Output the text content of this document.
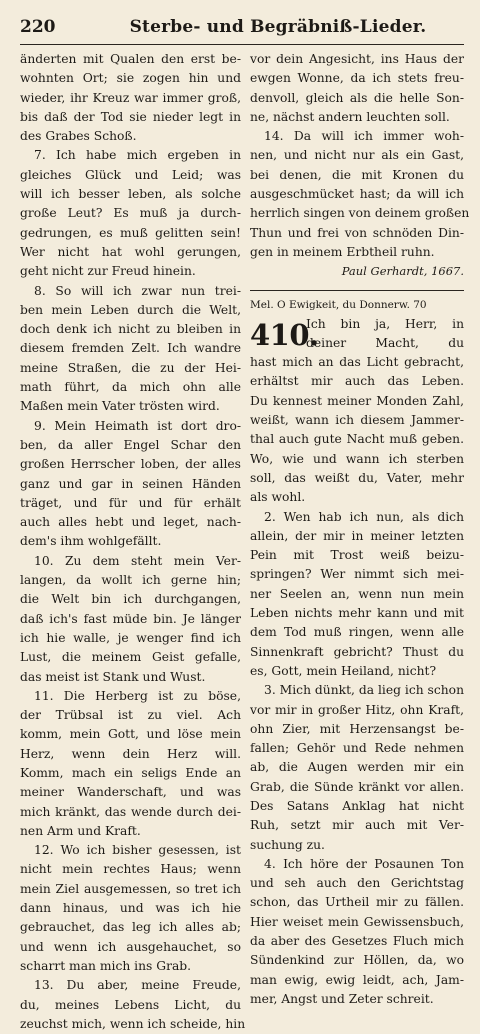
220	Sterbe- und Begräbniß-Lieder.
änderten mit Qualen den erst be-
wohnten Ort; sie zogen hin und
wieder, ihr Kreuz war immer groß,
bis daß der Tod sie nieder legt in
des Grabes Schoß.
7. Ich habe mich ergeben in
gleiches Glück und Leid; was
will ich besser leben, als solche
große Leut? Es muß ja durch-
gedrungen, es muß gelitten sein!
Wer nicht hat wohl gerungen,
geht nicht zur Freud hinein.
8. So will ich zwar nun trei-
ben mein Leben durch die Welt,
doch denk ich nicht zu bleiben in
diesem fremden Zelt. Ich wandre
meine Straßen, die zu der Hei-
math führt, da mich ohn alle
Maßen mein Vater trösten wird.
9. Mein Heimath ist dort dro-
ben, da aller Engel Schar den
großen Herrscher loben, der alles
ganz und gar in seinen Händen
träget, und für und für erhält
auch alles hebt und leget, nach-
dem's ihm wohlgefällt.
10. Zu dem steht mein Ver-
langen, da wollt ich gerne hin;
die Welt bin ich durchgangen,
daß ich's fast müde bin. Je länger
ich hie walle, je wenger find ich
Lust, die meinem Geist gefalle,
das meist ist Stank und Wust.
11. Die Herberg ist zu böse,
der Trübsal ist zu viel. Ach
komm, mein Gott, und löse mein
Herz, wenn dein Herz will.
Komm, mach ein seligs Ende an
meiner Wanderschaft, und was
mich kränkt, das wende durch dei-
nen Arm und Kraft.
12. Wo ich bisher gesessen, ist
nicht mein rechtes Haus; wenn
mein Ziel ausgemessen, so tret ich
dann hinaus, und was ich hie
gebrauchet, das leg ich alles ab;
und wenn ich ausgehauchet, so
scharrt man mich ins Grab.
13. Du aber, meine Freude,
du, meines Lebens Licht, du
zeuchst mich, wenn ich scheide, hin
vor dein Angesicht, ins Haus der
ewgen Wonne, da ich stets freu-
denvoll, gleich als die helle Son-
ne, nächst andern leuchten soll.
14. Da will ich immer woh-
nen, und nicht nur als ein Gast,
bei denen, die mit Kronen du
ausgeschmücket hast; da will ich
herrlich singen von deinem großen
Thun und frei von schnöden Din-
gen in meinem Erbtheil ruhn.
Paul Gerhardt, 1667.
Mel. O Ewigkeit, du Donnerw. 70
410.
Ich bin ja, Herr, in
deiner Macht, du
hast mich an das Licht gebracht,
erhältst mir auch das Leben.
Du kennest meiner Monden Zahl,
weißt, wann ich diesem Jammer-
thal auch gute Nacht muß geben.
Wo, wie und wann ich sterben
soll, das weißt du, Vater, mehr
als wohl.
2. Wen hab ich nun, als dich
allein, der mir in meiner letzten
Pein mit Trost weiß beizu-
springen? Wer nimmt sich mei-
ner Seelen an, wenn nun mein
Leben nichts mehr kann und mit
dem Tod muß ringen, wenn alle
Sinnenkraft gebricht? Thust du
es, Gott, mein Heiland, nicht?
3. Mich dünkt, da lieg ich schon
vor mir in großer Hitz, ohn Kraft,
ohn Zier, mit Herzensangst be-
fallen; Gehör und Rede nehmen
ab, die Augen werden mir ein
Grab, die Sünde kränkt vor allen.
Des Satans Anklag hat nicht
Ruh, setzt mir auch mit Ver-
suchung zu.
4. Ich höre der Posaunen Ton
und seh auch den Gerichtstag
schon, das Urtheil mir zu fällen.
Hier weiset mein Gewissensbuch,
da aber des Gesetzes Fluch mich
Sündenkind zur Höllen, da, wo
man ewig, ewig leidt, ach, Jam-
mer, Angst und Zeter schreit.
